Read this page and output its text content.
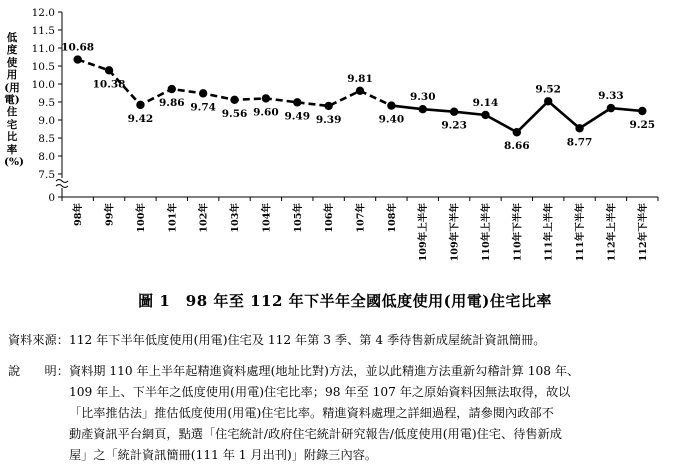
低度使用(用電)住宅比率(%)
12.0
11.5
11.0
10.5
10.0
9.5
9.0
8.5
8.0
7.5
0
98年 99年 100年 101年 102年 103年 104年 105年 106年 107年 108年 109年上半年 109年下半年 110年上半年 110年下半年 111年上半年 111年下半年 112年上半年 112年下半年
10.68
10.38
9.42
9.86 9.74
9.56 9.60 9.49 9.39
9.81
9.40
9.30
9.23
9.14
8.66
9.52
8.77
9.33
9.25
圖 1　98 年至 112 年下半年全國低度使用(用電)住宅比率
資料來源： 112 年下半年低度使用(用電)住宅及 112 年第 3 季、第 4 季待售新成屋統計資訊簡冊。
說　　明： 資料期 110 年上半年起精進資料處理(地址比對)方法，並以此精進方法重新勾稽計算 108 年、
109 年上、下半年之低度使用(用電)住宅比率；98 年至 107 年之原始資料因無法取得，故以
「比率推估法」推估低度使用(用電)住宅比率。精進資料處理之詳細過程，請參閱內政部不
動產資訊平台網頁，點選「住宅統計/政府住宅統計研究報告/低度使用(用電)住宅、待售新成
屋」之「統計資訊簡冊(111 年 1 月出刊)」附錄三內容。
